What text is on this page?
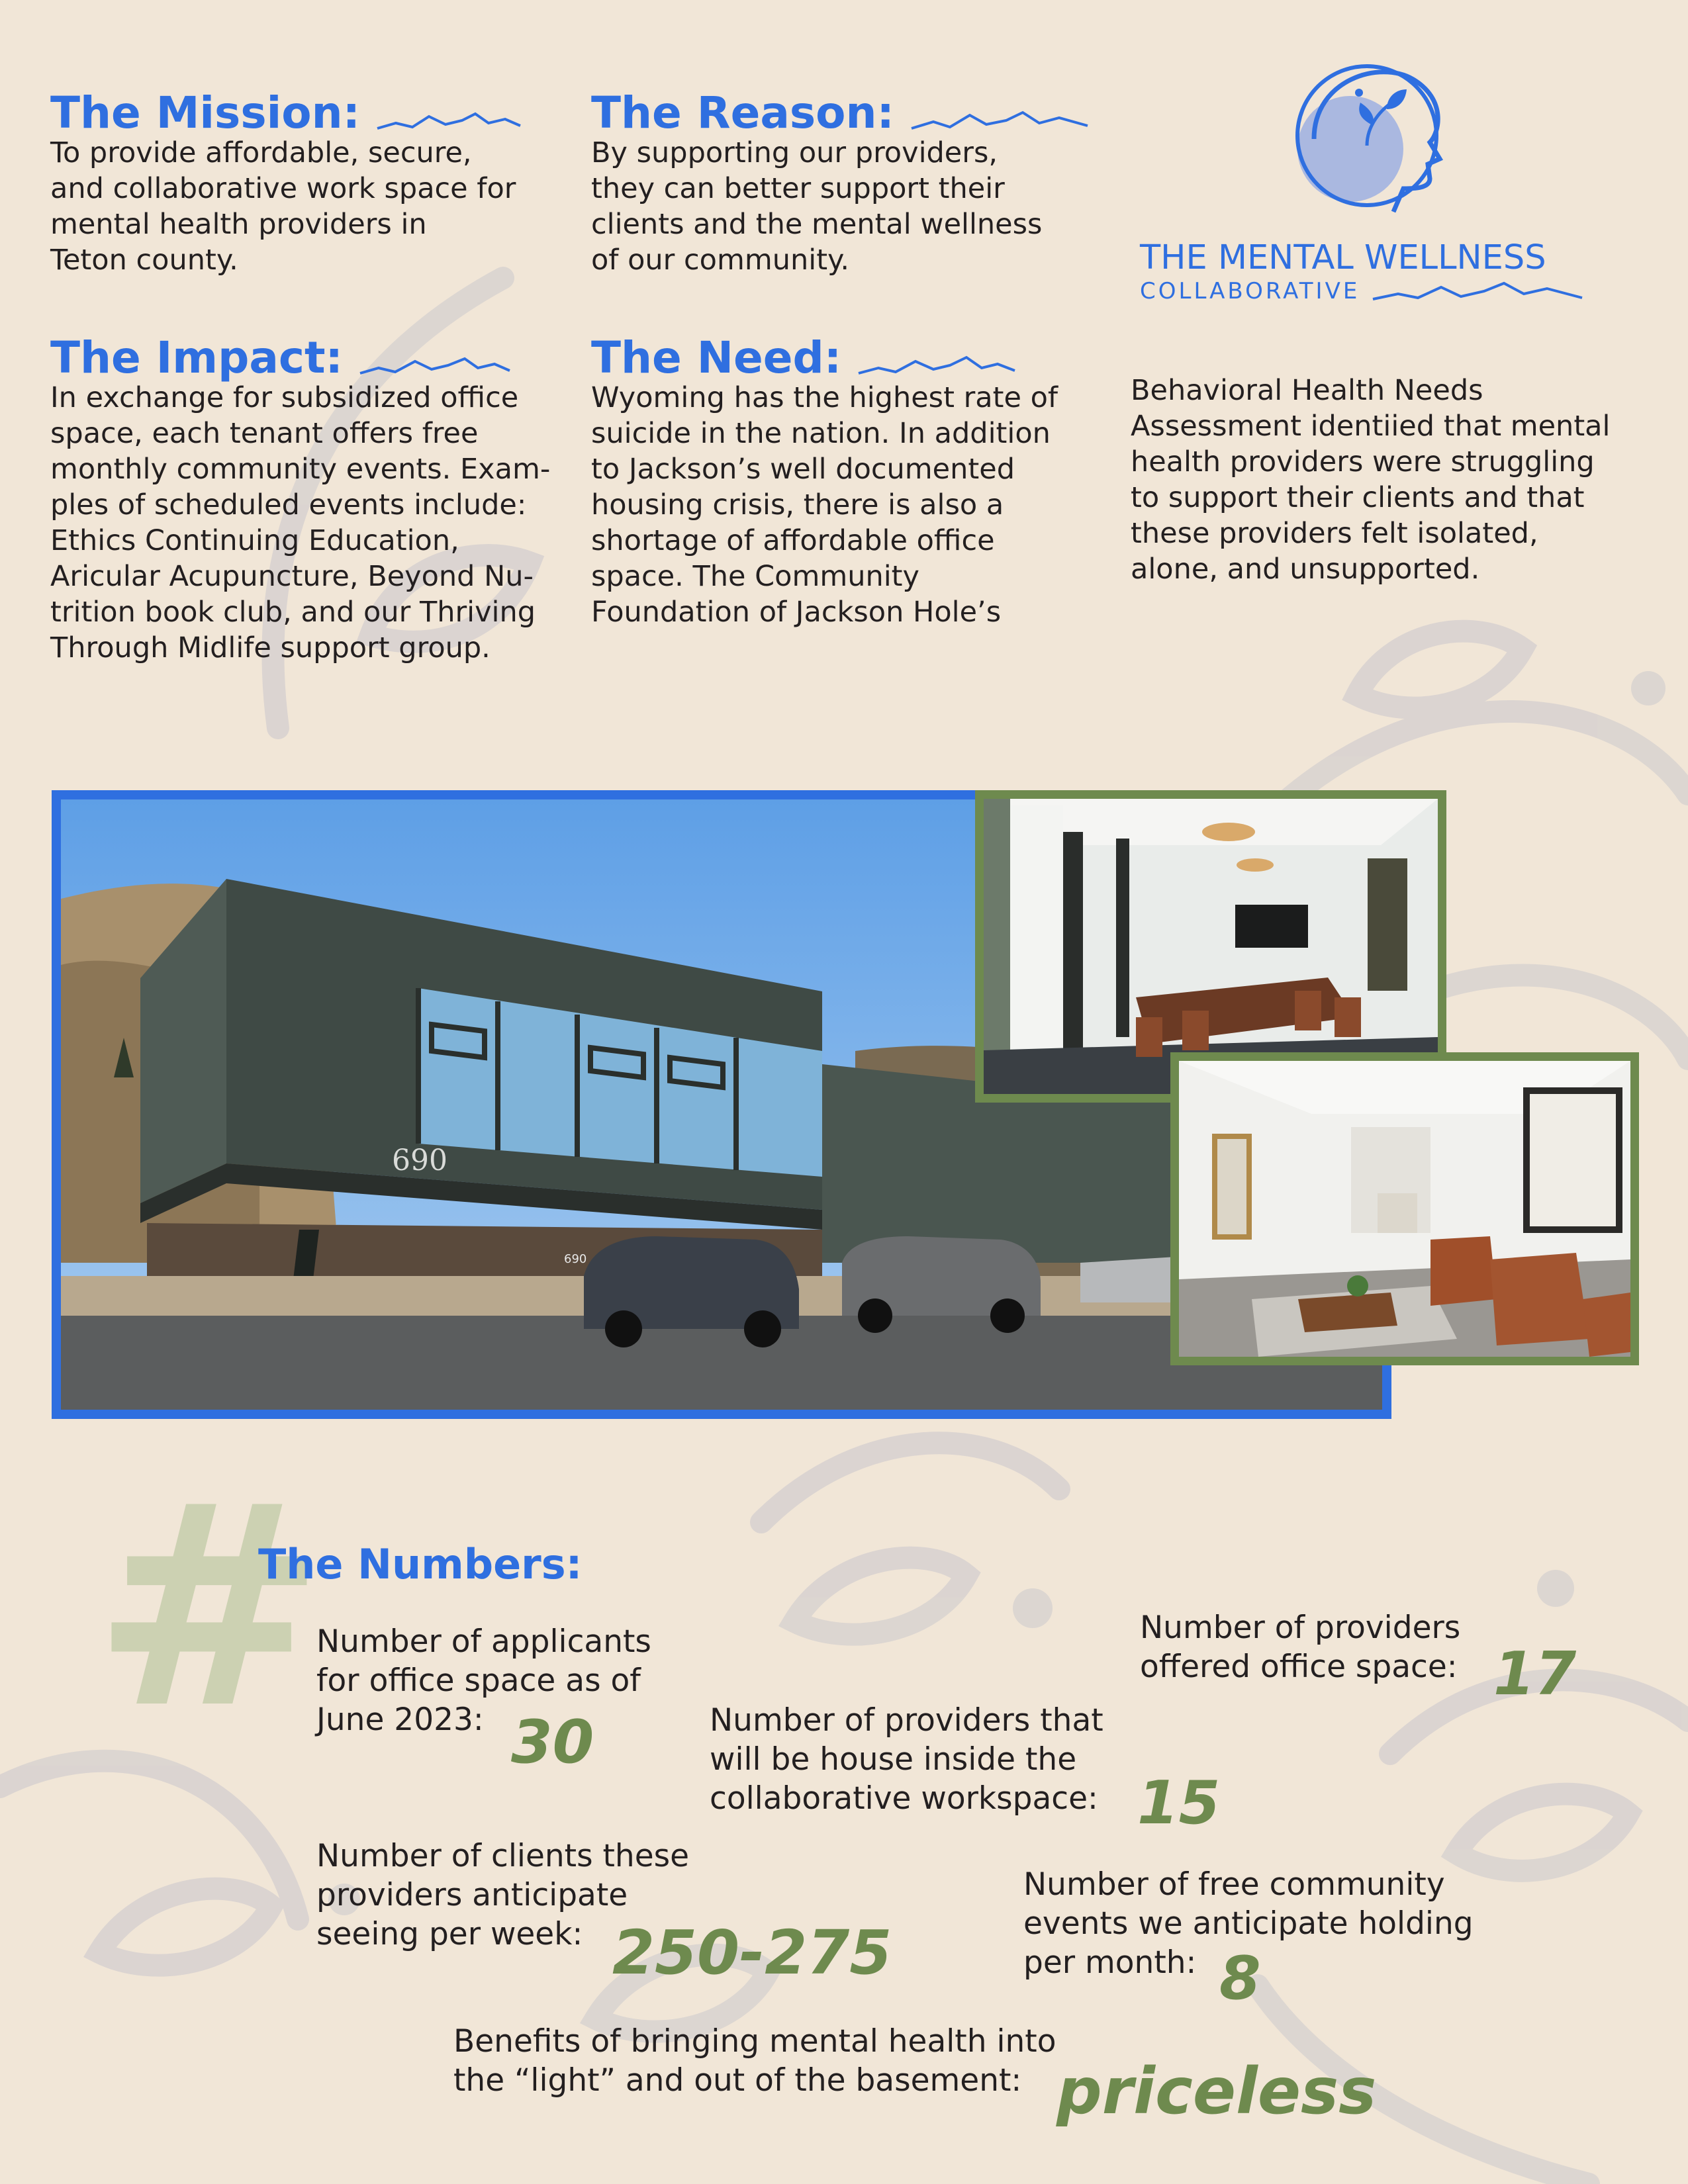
The Mission:

To provide affordable, secure,
and collaborative work space for
mental health providers in
Teton county.

The Reason:

By supporting our providers,
they can better support their
clients and the mental wellness
of our community.	THE MENTAL WELLNESS
COLLABORATIVE
The Impact:

In exchange for subsidized office
space, each tenant offers free
monthly community events. Exam-
ples of scheduled events include:
Ethics Continuing Education,
Aricular Acupuncture, Beyond Nu-
trition book club, and our Thriving
Through Midlife support group.

The Need:

Wyoming has the highest rate of
suicide in the nation. In addition
to Jackson’s well documented
housing crisis, there is also a
shortage of affordable office
space. The Community
Foundation of Jackson Hole’s

Behavioral Health Needs
Assessment identiied that mental
health providers were struggling
to support their clients and that
these providers felt isolated,
alone, and unsupported.

690
690
#
The Numbers:

Number of applicants
for office space as of
June 2023: 30

Number of providers
offered office space: 17

Number of providers that
will be house inside the
collaborative workspace: 15

Number of clients these
providers anticipate
seeing per week: 250-275

Number of free community
events we anticipate holding
per month: 8

Benefits of bringing mental health into
the “light” and out of the basement: priceless
